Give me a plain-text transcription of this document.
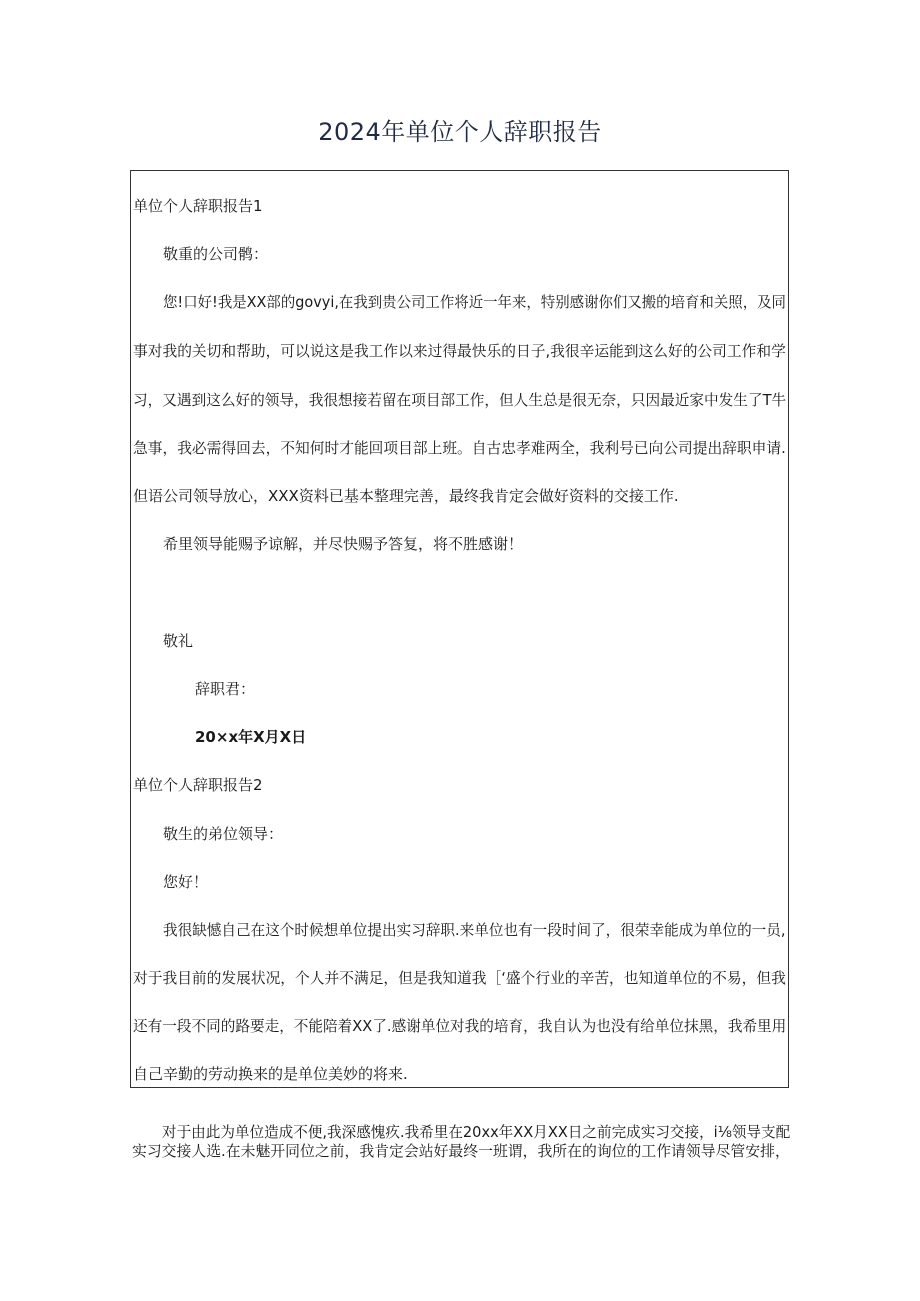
2024年单位个人辞职报告
单位个人辞职报告1
敬重的公司鹘：
您!口好!我是XX部的govyi,在我到贵公司工作将近一年来，特别感谢你们又搬的培育和关照，及同
事对我的关切和帮助，可以说这是我工作以来过得最快乐的日子,我很辛运能到这么好的公司工作和学
习，又遇到这么好的领导，我很想接若留在项目部工作，但人生总是很无奈，只因最近家中发生了T牛
急事，我必需得回去，不知何时才能回项目部上班。自古忠孝难两全，我利号已向公司提出辞职申请.
但语公司领导放心，XXX资料已基本整理完善，最终我肯定会做好资料的交接工作.
希里领导能赐予谅解，并尽快赐予答复，将不胜感谢！
敬礼
辞职君：
20×x年X月X日
单位个人辞职报告2
敬生的弟位领导：
您好！
我很缺憾自己在这个时候想单位提出实习辞职.来单位也有一段时间了，很荣幸能成为单位的一员,
对于我目前的发展状况，个人并不满足，但是我知道我［‘盛个行业的辛苦，也知道单位的不易，但我
还有一段不同的路要走，不能陪着XX了.感谢单位对我的培育，我自认为也没有给单位抹黑，我希里用
自己辛勤的劳动换来的是单位美妙的将来.
对于由此为单位造成不便,我深感愧疚.我希里在20xx年XX月XX日之前完成实习交接，i⅛领导支配
实习交接人选.在未魅开同位之前，我肯定会站好最终一班谓，我所在的询位的工作请领导尽管安排，
